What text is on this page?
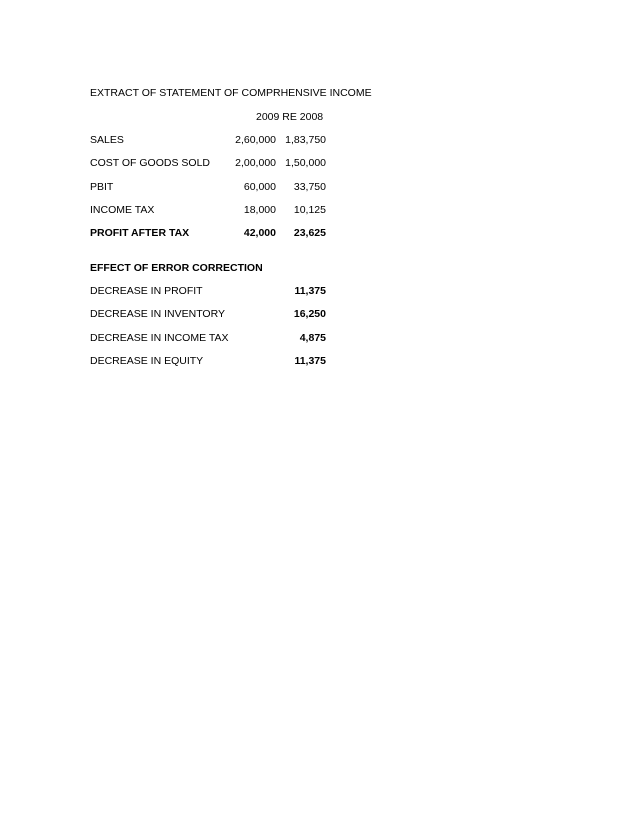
EXTRACT OF STATEMENT OF COMPRHENSIVE INCOME
2009 RE 2008
SALES	2,60,000 1,83,750
COST OF GOODS SOLD	2,00,000 1,50,000
PBIT	60,000	33,750
INCOME TAX	18,000	10,125
PROFIT AFTER TAX	42,000	23,625
EFFECT OF ERROR CORRECTION
DECREASE IN PROFIT	11,375
DECREASE IN INVENTORY	16,250
DECREASE IN INCOME TAX	4,875
DECREASE IN EQUITY	11,375
